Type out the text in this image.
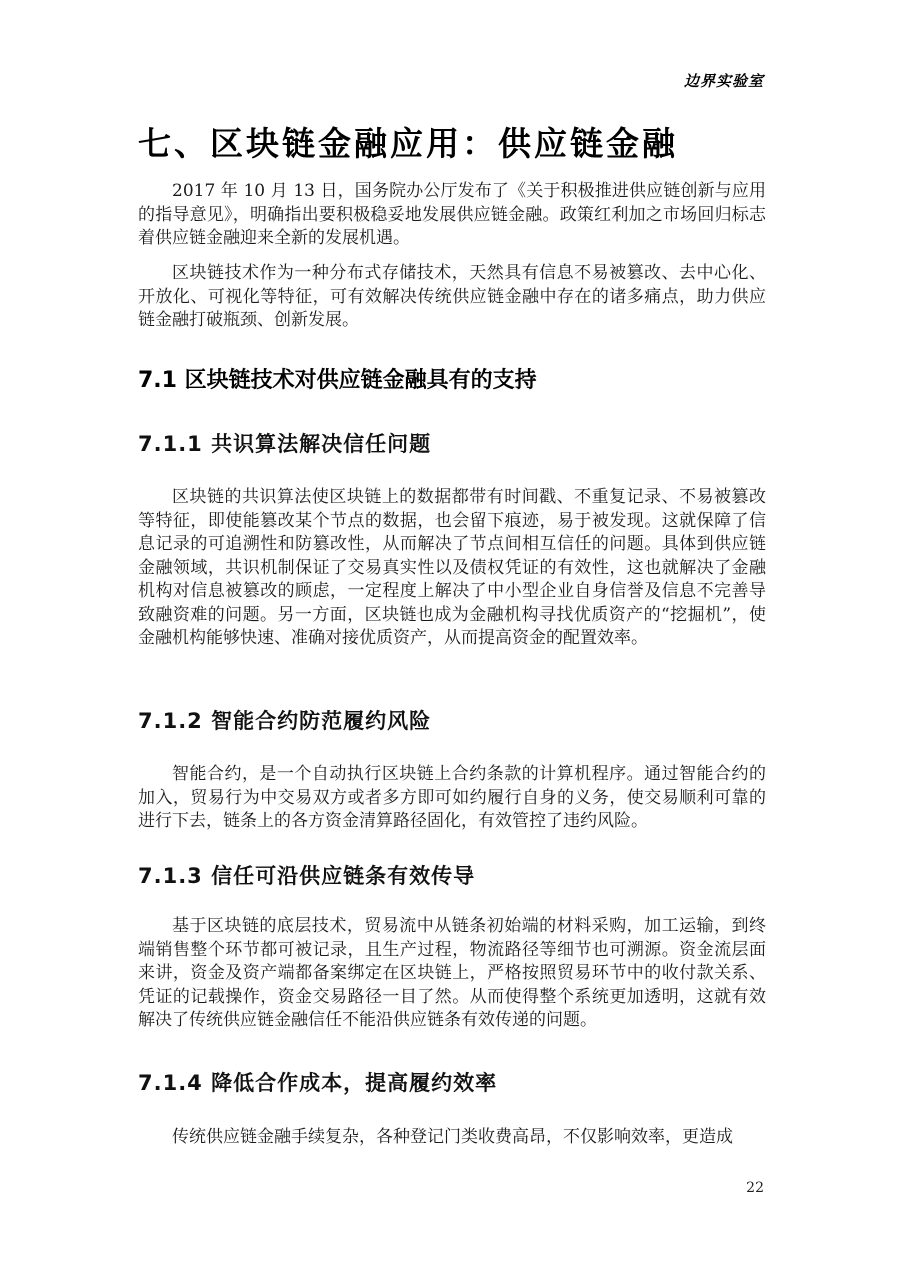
边界实验室
七、区块链金融应用：供应链金融

2017 年 10 月 13 日，国务院办公厅发布了《关于积极推进供应链创新与应用的指导意见》，明确指出要积极稳妥地发展供应链金融。政策红利加之市场回归标志着供应链金融迎来全新的发展机遇。

区块链技术作为一种分布式存储技术，天然具有信息不易被篡改、去中心化、开放化、可视化等特征，可有效解决传统供应链金融中存在的诸多痛点，助力供应链金融打破瓶颈、创新发展。

7.1 区块链技术对供应链金融具有的支持
7.1.1 共识算法解决信任问题

区块链的共识算法使区块链上的数据都带有时间戳、不重复记录、不易被篡改等特征，即使能篡改某个节点的数据，也会留下痕迹，易于被发现。这就保障了信息记录的可追溯性和防篡改性，从而解决了节点间相互信任的问题。具体到供应链金融领域，共识机制保证了交易真实性以及债权凭证的有效性，这也就解决了金融机构对信息被篡改的顾虑，一定程度上解决了中小型企业自身信誉及信息不完善导致融资难的问题。另一方面，区块链也成为金融机构寻找优质资产的“挖掘机”，使金融机构能够快速、准确对接优质资产，从而提高资金的配置效率。

7.1.2 智能合约防范履约风险

智能合约，是一个自动执行区块链上合约条款的计算机程序。通过智能合约的加入，贸易行为中交易双方或者多方即可如约履行自身的义务，使交易顺利可靠的进行下去，链条上的各方资金清算路径固化，有效管控了违约风险。

7.1.3 信任可沿供应链条有效传导

基于区块链的底层技术，贸易流中从链条初始端的材料采购，加工运输，到终端销售整个环节都可被记录，且生产过程，物流路径等细节也可溯源。资金流层面来讲，资金及资产端都备案绑定在区块链上，严格按照贸易环节中的收付款关系、凭证的记载操作，资金交易路径一目了然。从而使得整个系统更加透明，这就有效解决了传统供应链金融信任不能沿供应链条有效传递的问题。

7.1.4 降低合作成本，提高履约效率

传统供应链金融手续复杂，各种登记门类收费高昂，不仅影响效率，更造成

22
